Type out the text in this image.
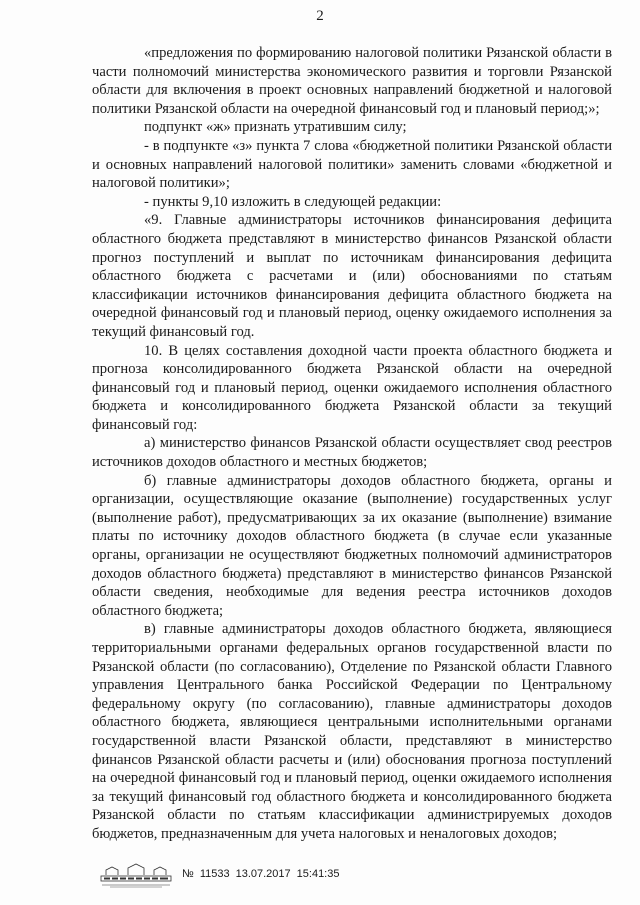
2

«предложения по формированию налоговой политики Рязанской области в части полномочий министерства экономического развития и торговли Рязанской области для включения в проект основных направлений бюджетной и налоговой политики Рязанской области на очередной финансовый год и плановый период;»;

подпункт «ж» признать утратившим силу;

- в подпункте «з» пункта 7 слова «бюджетной политики Рязанской области и основных направлений налоговой политики» заменить словами «бюджетной и налоговой политики»;

- пункты 9,10 изложить в следующей редакции:

«9. Главные администраторы источников финансирования дефицита областного бюджета представляют в министерство финансов Рязанской области прогноз поступлений и выплат по источникам финансирования дефицита областного бюджета с расчетами и (или) обоснованиями по статьям классификации источников финансирования дефицита областного бюджета на очередной финансовый год и плановый период, оценку ожидаемого исполнения за текущий финансовый год.

10. В целях составления доходной части проекта областного бюджета и прогноза консолидированного бюджета Рязанской области на очередной финансовый год и плановый период, оценки ожидаемого исполнения областного бюджета и консолидированного бюджета Рязанской области за текущий финансовый год:

а) министерство финансов Рязанской области осуществляет свод реестров источников доходов областного и местных бюджетов;

б) главные администраторы доходов областного бюджета, органы и организации, осуществляющие оказание (выполнение) государственных услуг (выполнение работ), предусматривающих за их оказание (выполнение) взимание платы по источнику доходов областного бюджета (в случае если указанные органы, организации не осуществляют бюджетных полномочий администраторов доходов областного бюджета) представляют в министерство финансов Рязанской области сведения, необходимые для ведения реестра источников доходов областного бюджета;

в) главные администраторы доходов областного бюджета, являющиеся территориальными органами федеральных органов государственной власти по Рязанской области (по согласованию), Отделение по Рязанской области Главного управления Центрального банка Российской Федерации по Центральному федеральному округу (по согласованию), главные администраторы доходов областного бюджета, являющиеся центральными исполнительными органами государственной власти Рязанской области, представляют в министерство финансов Рязанской области расчеты и (или) обоснования прогноза поступлений на очередной финансовый год и плановый период, оценки ожидаемого исполнения за текущий финансовый год областного бюджета и консолидированного бюджета Рязанской области по статьям классификации администрируемых доходов бюджетов, предназначенным для учета налоговых и неналоговых доходов;

№ 11533 13.07.2017 15:41:35
